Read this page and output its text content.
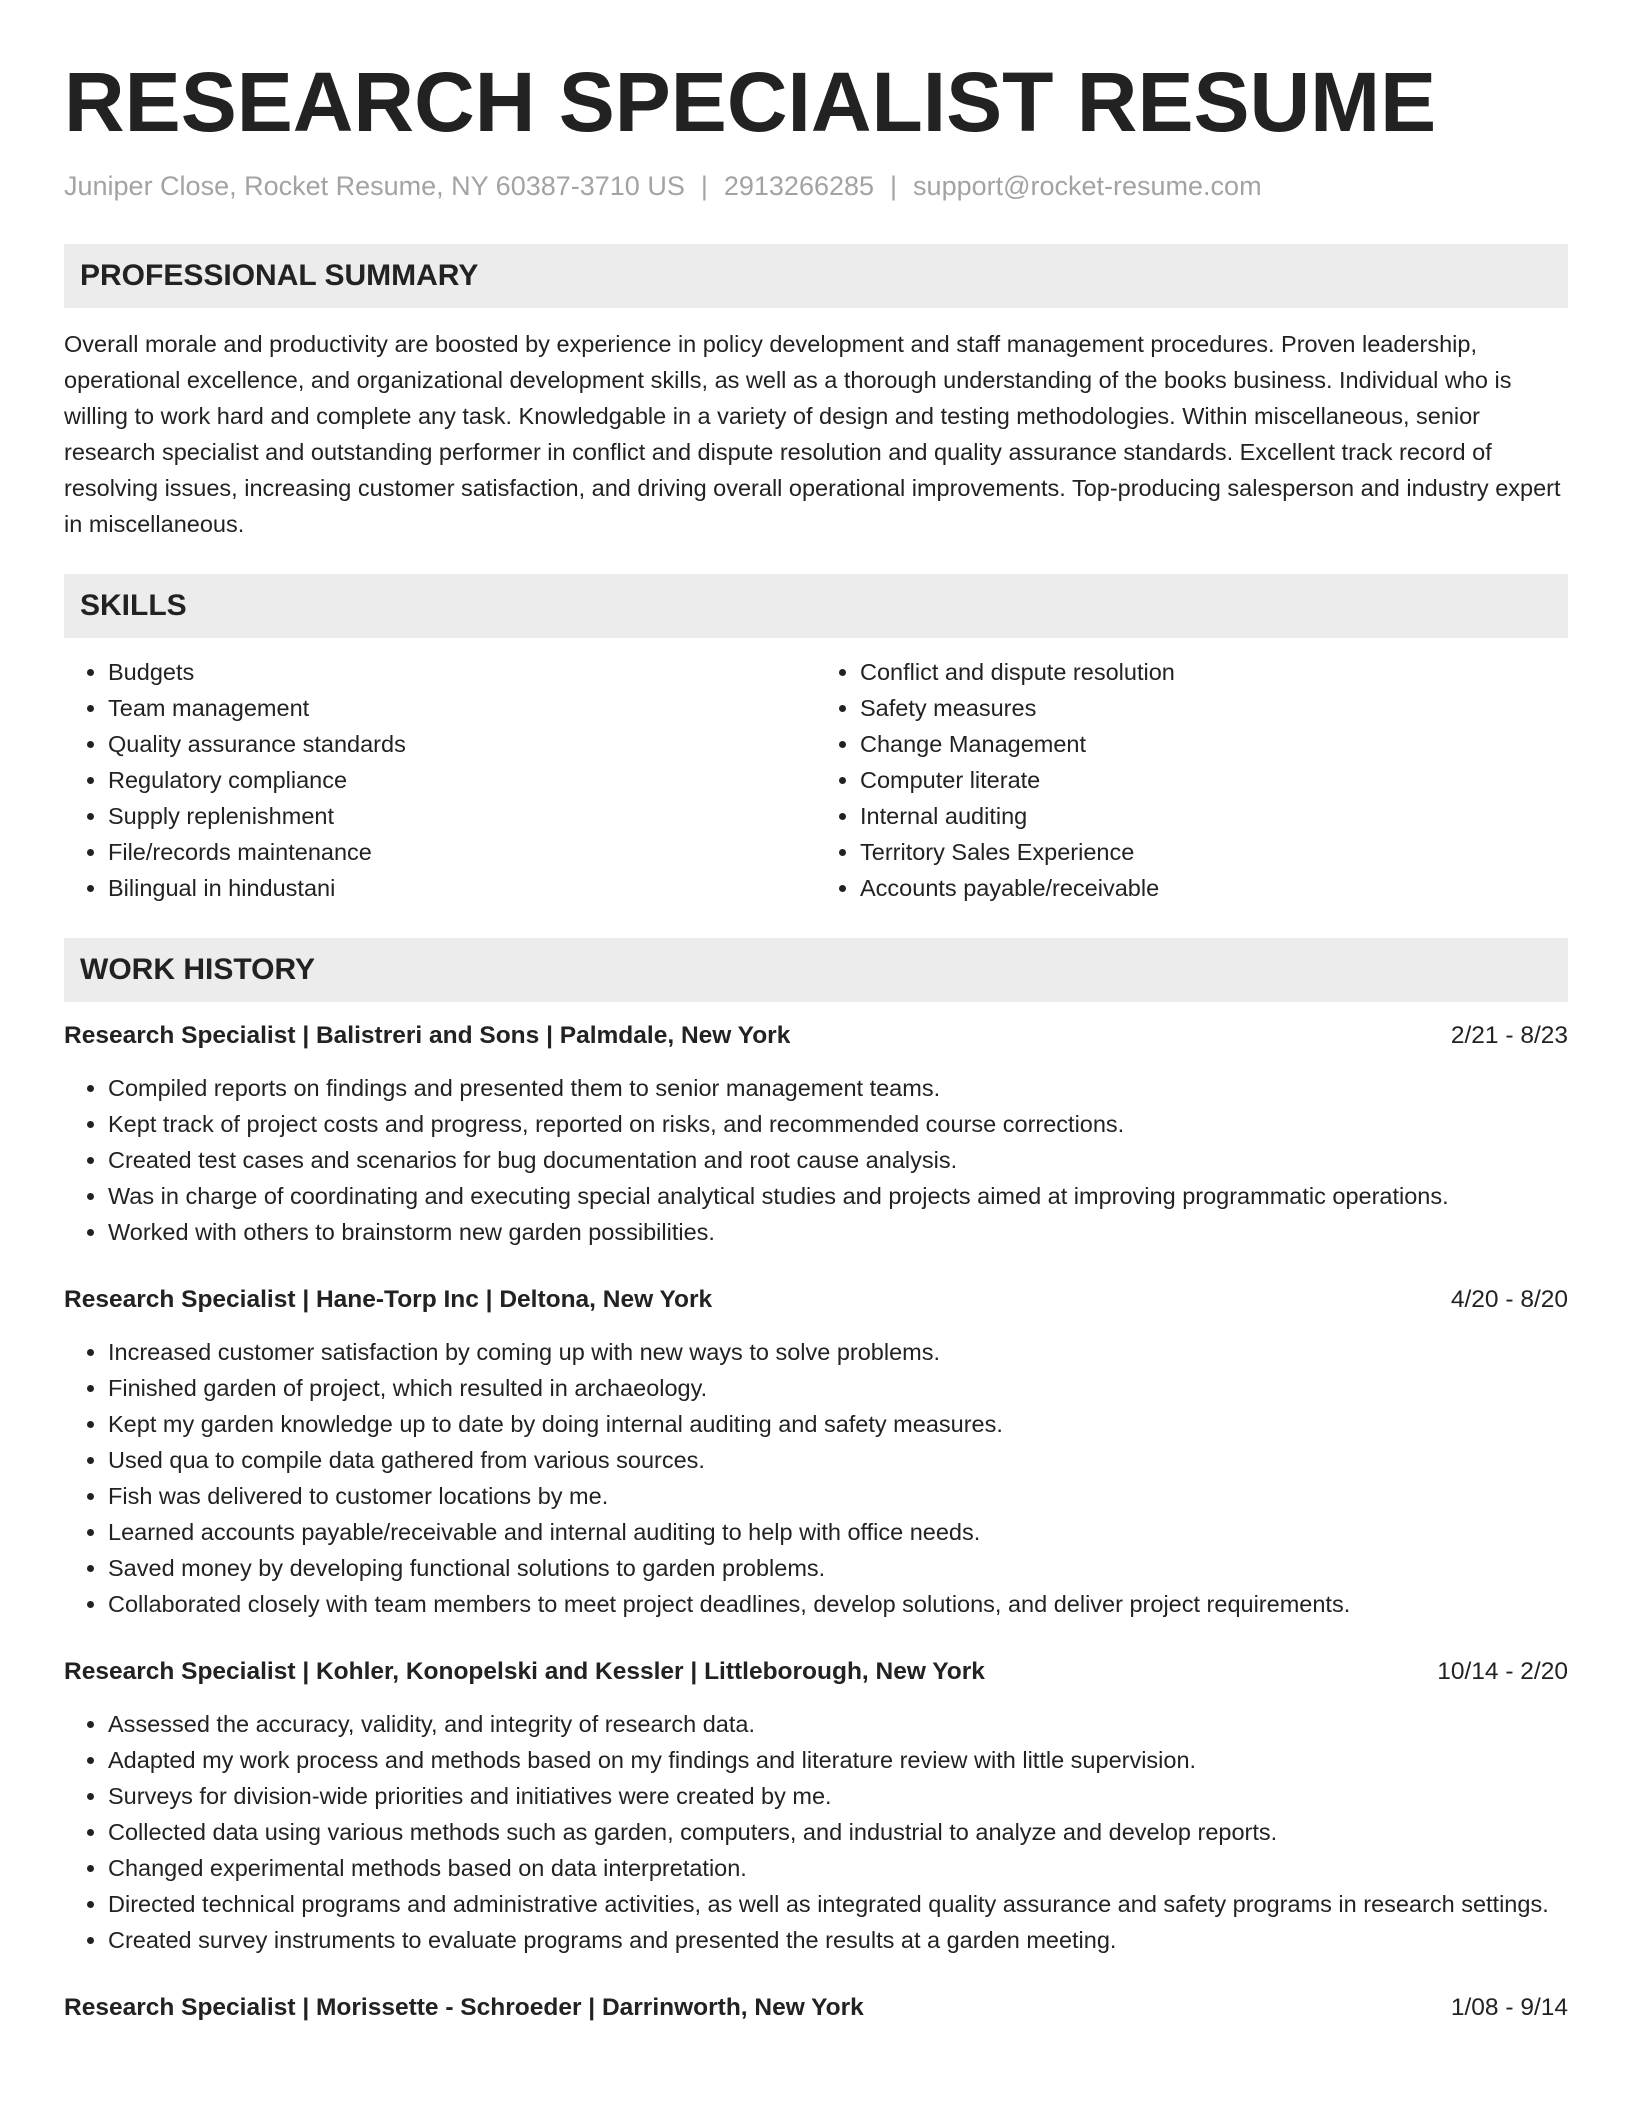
RESEARCH SPECIALIST RESUME
Juniper Close, Rocket Resume, NY 60387-3710 US | 2913266285 | support@rocket-resume.com
PROFESSIONAL SUMMARY
Overall morale and productivity are boosted by experience in policy development and staff management procedures. Proven leadership, operational excellence, and organizational development skills, as well as a thorough understanding of the books business. Individual who is willing to work hard and complete any task. Knowledgable in a variety of design and testing methodologies. Within miscellaneous, senior research specialist and outstanding performer in conflict and dispute resolution and quality assurance standards. Excellent track record of resolving issues, increasing customer satisfaction, and driving overall operational improvements. Top-producing salesperson and industry expert in miscellaneous.
SKILLS
• Budgets
• Team management
• Quality assurance standards
• Regulatory compliance
• Supply replenishment
• File/records maintenance
• Bilingual in hindustani
• Conflict and dispute resolution
• Safety measures
• Change Management
• Computer literate
• Internal auditing
• Territory Sales Experience
• Accounts payable/receivable
WORK HISTORY
Research Specialist | Balistreri and Sons | Palmdale, New York	2/21 - 8/23
• Compiled reports on findings and presented them to senior management teams.
• Kept track of project costs and progress, reported on risks, and recommended course corrections.
• Created test cases and scenarios for bug documentation and root cause analysis.
• Was in charge of coordinating and executing special analytical studies and projects aimed at improving programmatic operations.
• Worked with others to brainstorm new garden possibilities.
Research Specialist | Hane-Torp Inc | Deltona, New York	4/20 - 8/20
• Increased customer satisfaction by coming up with new ways to solve problems.
• Finished garden of project, which resulted in archaeology.
• Kept my garden knowledge up to date by doing internal auditing and safety measures.
• Used qua to compile data gathered from various sources.
• Fish was delivered to customer locations by me.
• Learned accounts payable/receivable and internal auditing to help with office needs.
• Saved money by developing functional solutions to garden problems.
• Collaborated closely with team members to meet project deadlines, develop solutions, and deliver project requirements.
Research Specialist | Kohler, Konopelski and Kessler | Littleborough, New York	10/14 - 2/20
• Assessed the accuracy, validity, and integrity of research data.
• Adapted my work process and methods based on my findings and literature review with little supervision.
• Surveys for division-wide priorities and initiatives were created by me.
• Collected data using various methods such as garden, computers, and industrial to analyze and develop reports.
• Changed experimental methods based on data interpretation.
• Directed technical programs and administrative activities, as well as integrated quality assurance and safety programs in research settings.
• Created survey instruments to evaluate programs and presented the results at a garden meeting.
Research Specialist | Morissette - Schroeder | Darrinworth, New York	1/08 - 9/14
